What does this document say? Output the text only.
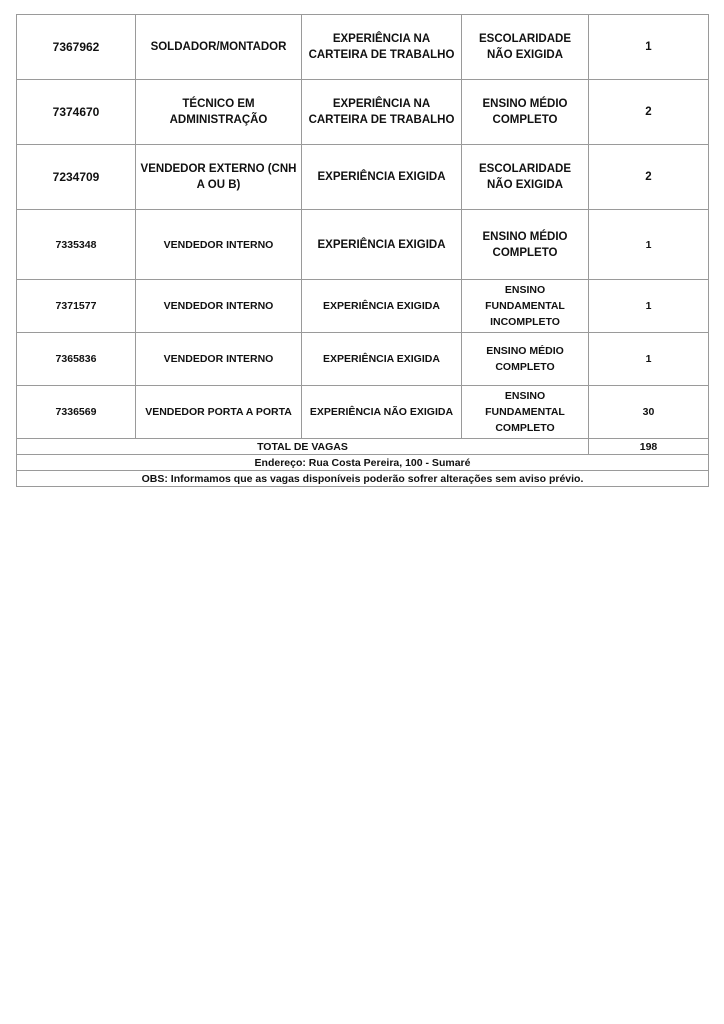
7367962	SOLDADOR/MONTADOR	EXPERIÊNCIA NA CARTEIRA DE TRABALHO	ESCOLARIDADE NÃO EXIGIDA	1
7374670	TÉCNICO EM ADMINISTRAÇÃO	EXPERIÊNCIA NA CARTEIRA DE TRABALHO	ENSINO MÉDIO COMPLETO	2
7234709	VENDEDOR EXTERNO (CNH A OU B)	EXPERIÊNCIA EXIGIDA	ESCOLARIDADE NÃO EXIGIDA	2
7335348	VENDEDOR INTERNO	EXPERIÊNCIA EXIGIDA	ENSINO MÉDIO COMPLETO	1
7371577	VENDEDOR INTERNO	EXPERIÊNCIA EXIGIDA	ENSINO FUNDAMENTAL INCOMPLETO	1
7365836	VENDEDOR INTERNO	EXPERIÊNCIA EXIGIDA	ENSINO MÉDIO COMPLETO	1
7336569	VENDEDOR PORTA A PORTA	EXPERIÊNCIA NÃO EXIGIDA	ENSINO FUNDAMENTAL COMPLETO	30
TOTAL DE VAGAS				198
Endereço: Rua Costa Pereira, 100 - Sumaré				
OBS: Informamos que as vagas disponíveis poderão sofrer alterações sem aviso prévio.				
